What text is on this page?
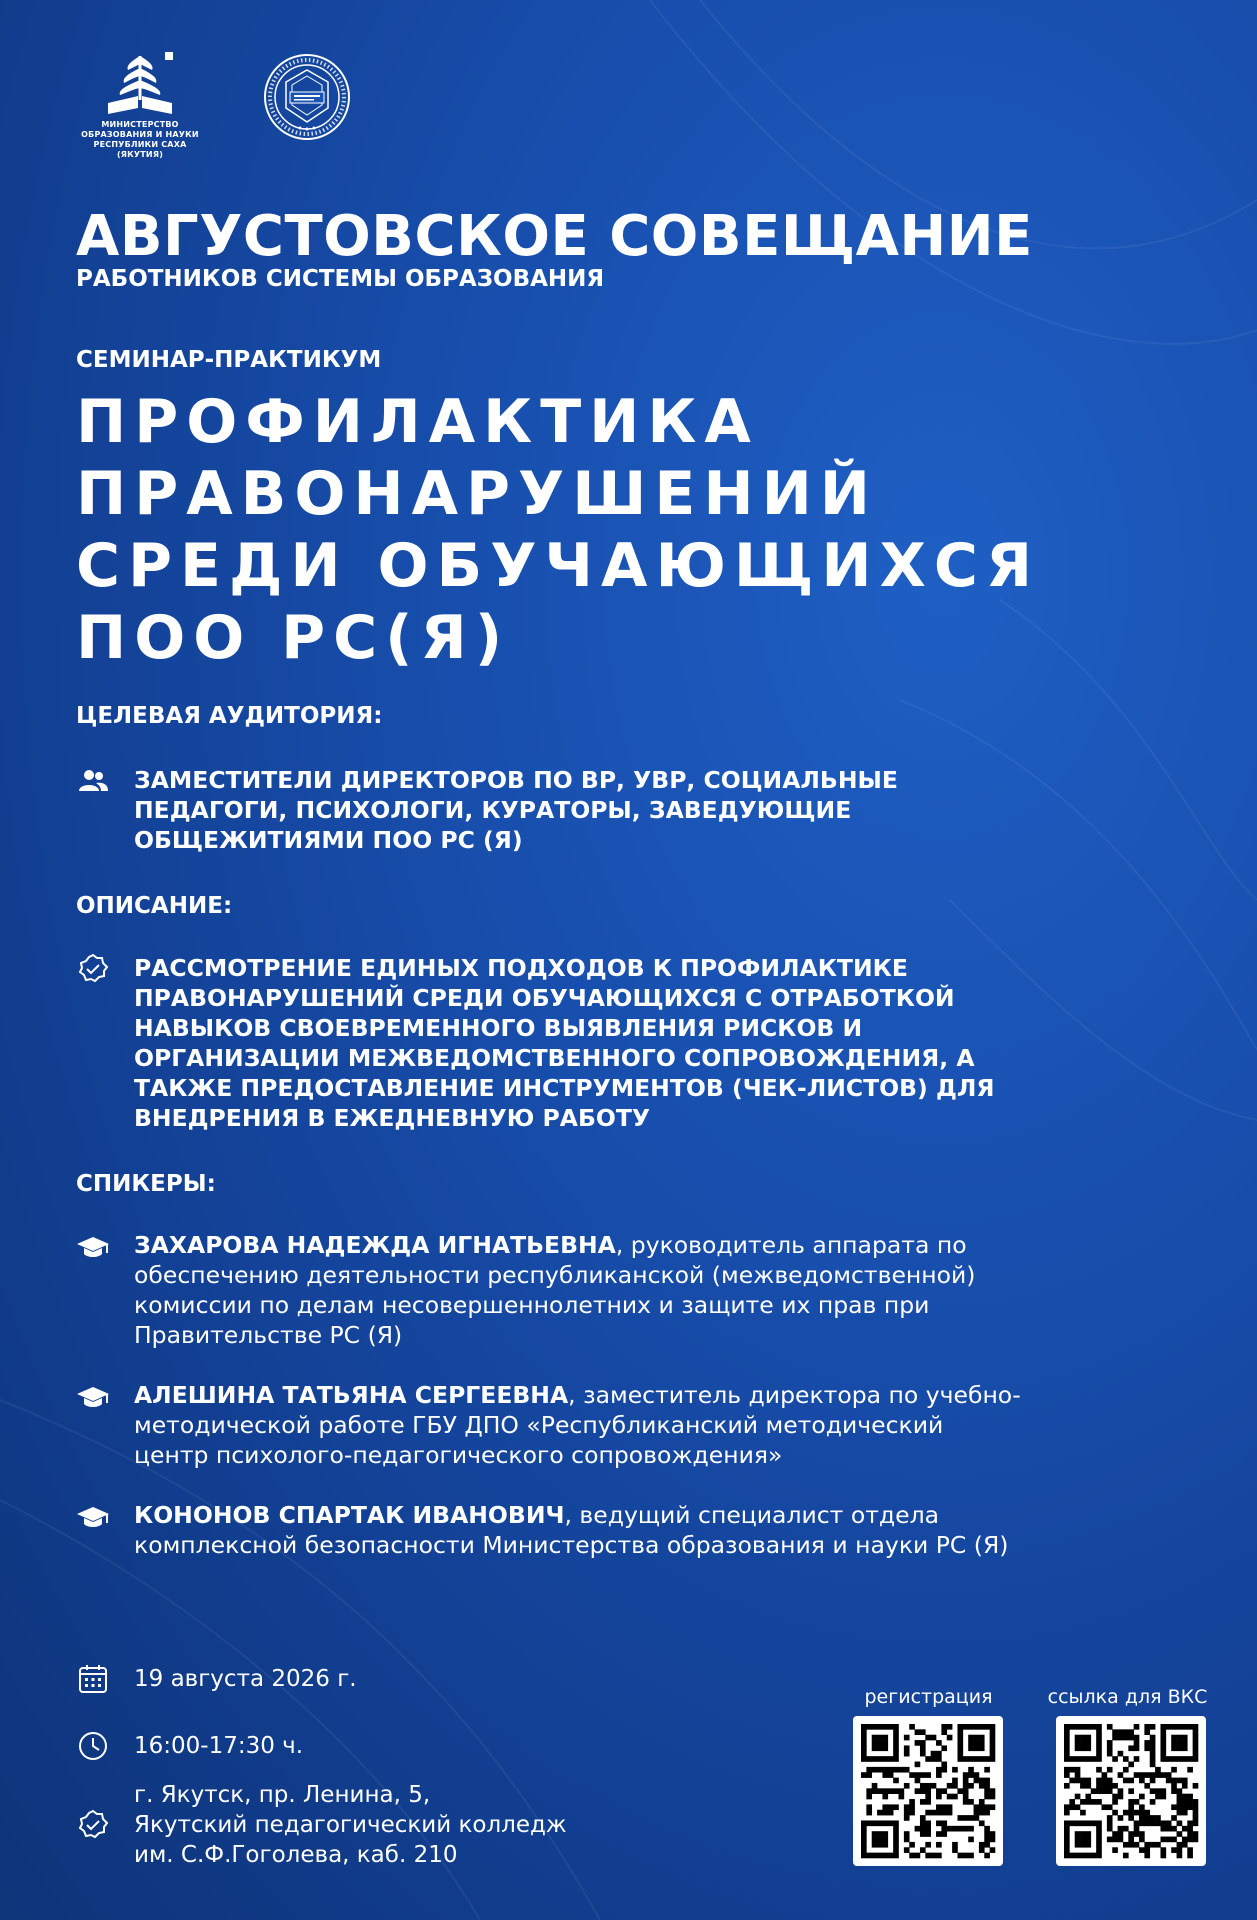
МИНИСТЕРСТВО
ОБРАЗОВАНИЯ И НАУКИ
РЕСПУБЛИКИ САХА (ЯКУТИЯ)
АВГУСТОВСКОЕ СОВЕЩАНИЕ
РАБОТНИКОВ СИСТЕМЫ ОБРАЗОВАНИЯ
СЕМИНАР-ПРАКТИКУМ
ПРОФИЛАКТИКА
ПРАВОНАРУШЕНИЙ
СРЕДИ ОБУЧАЮЩИХСЯ
ПОО РС(Я)
ЦЕЛЕВАЯ АУДИТОРИЯ:
ЗАМЕСТИТЕЛИ ДИРЕКТОРОВ ПО ВР, УВР, СОЦИАЛЬНЫЕ
ПЕДАГОГИ, ПСИХОЛОГИ, КУРАТОРЫ, ЗАВЕДУЮЩИЕ
ОБЩЕЖИТИЯМИ ПОО РС (Я)
ОПИСАНИЕ:
РАССМОТРЕНИЕ ЕДИНЫХ ПОДХОДОВ К ПРОФИЛАКТИКЕ
ПРАВОНАРУШЕНИЙ СРЕДИ ОБУЧАЮЩИХСЯ С ОТРАБОТКОЙ
НАВЫКОВ СВОЕВРЕМЕННОГО ВЫЯВЛЕНИЯ РИСКОВ И
ОРГАНИЗАЦИИ МЕЖВЕДОМСТВЕННОГО СОПРОВОЖДЕНИЯ, А
ТАКЖЕ ПРЕДОСТАВЛЕНИЕ ИНСТРУМЕНТОВ (ЧЕК-ЛИСТОВ) ДЛЯ
ВНЕДРЕНИЯ В ЕЖЕДНЕВНУЮ РАБОТУ
СПИКЕРЫ:
ЗАХАРОВА НАДЕЖДА ИГНАТЬЕВНА, руководитель аппарата по
обеспечению деятельности республиканской (межведомственной)
комиссии по делам несовершеннолетних и защите их прав при
Правительстве РС (Я)
АЛЕШИНА ТАТЬЯНА СЕРГЕЕВНА, заместитель директора по учебно-
методической работе ГБУ ДПО «Республиканский методический
центр психолого-педагогического сопровождения»
КОНОНОВ СПАРТАК ИВАНОВИЧ, ведущий специалист отдела
комплексной безопасности Министерства образования и науки РС (Я)
19 августа 2026 г.
16:00-17:30 ч.
г. Якутск, пр. Ленина, 5,
Якутский педагогический колледж
им. С.Ф.Гоголева, каб. 210
регистрация	ссылка для ВКС
